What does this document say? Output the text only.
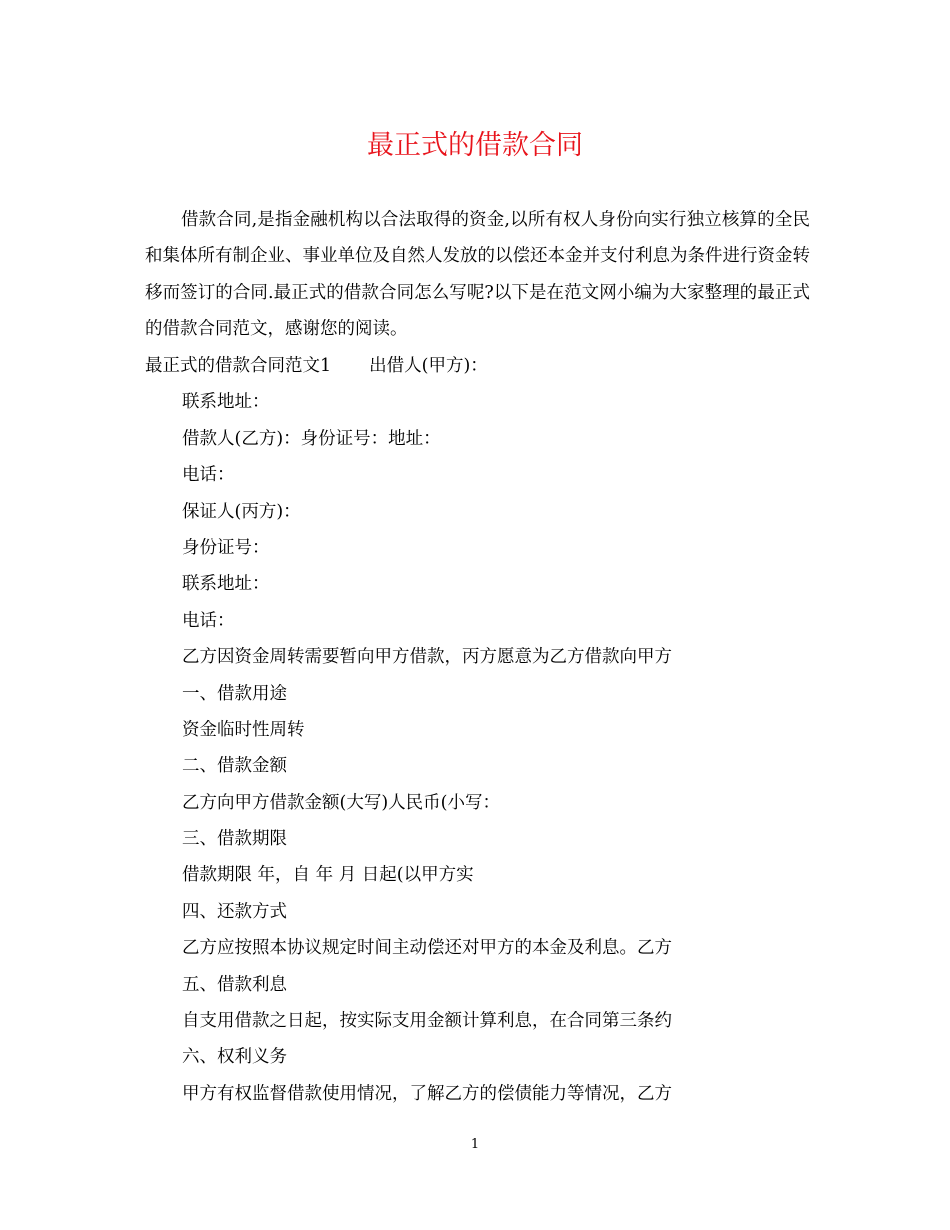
最正式的借款合同

借款合同,是指金融机构以合法取得的资金,以所有权人身份向实行独立核算的全民和集体所有制企业、事业单位及自然人发放的以偿还本金并支付利息为条件进行资金转移而签订的合同.最正式的借款合同怎么写呢?以下是在范文网小编为大家整理的最正式的借款合同范文，感谢您的阅读。

最正式的借款合同范文1 出借人(甲方)：
联系地址：
借款人(乙方)：身份证号：地址：
电话：
保证人(丙方)：
身份证号：
联系地址：
电话：
乙方因资金周转需要暂向甲方借款，丙方愿意为乙方借款向甲方
一、借款用途
资金临时性周转
二、借款金额
乙方向甲方借款金额(大写)人民币(小写：
三、借款期限
借款期限 年，自 年 月 日起(以甲方实
四、还款方式
乙方应按照本协议规定时间主动偿还对甲方的本金及利息。乙方
五、借款利息
自支用借款之日起，按实际支用金额计算利息，在合同第三条约
六、权利义务
甲方有权监督借款使用情况，了解乙方的偿债能力等情况，乙方
1
